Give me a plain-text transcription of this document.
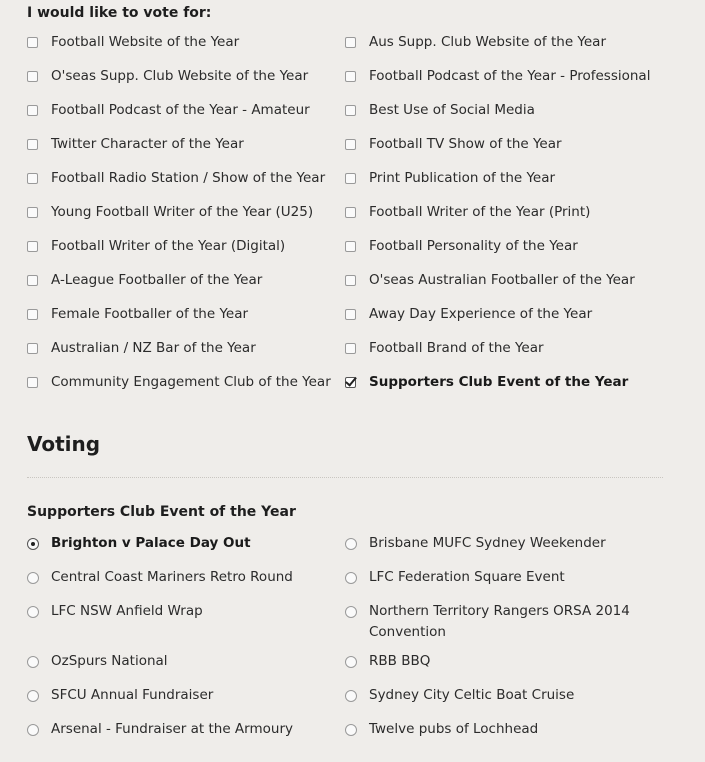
I would like to vote for:
Football Website of the Year
O'seas Supp. Club Website of the Year
Football Podcast of the Year - Amateur
Twitter Character of the Year
Football Radio Station / Show of the Year
Young Football Writer of the Year (U25)
Football Writer of the Year (Digital)
A-League Footballer of the Year
Female Footballer of the Year
Australian / NZ Bar of the Year
Community Engagement Club of the Year
Aus Supp. Club Website of the Year
Football Podcast of the Year - Professional
Best Use of Social Media
Football TV Show of the Year
Print Publication of the Year
Football Writer of the Year (Print)
Football Personality of the Year
O'seas Australian Footballer of the Year
Away Day Experience of the Year
Football Brand of the Year
Supporters Club Event of the Year
Voting
Supporters Club Event of the Year
Brighton v Palace Day Out
Central Coast Mariners Retro Round
LFC NSW Anfield Wrap
OzSpurs National
SFCU Annual Fundraiser
Arsenal - Fundraiser at the Armoury
Brisbane MUFC Sydney Weekender
LFC Federation Square Event
Northern Territory Rangers ORSA 2014 Convention
RBB BBQ
Sydney City Celtic Boat Cruise
Twelve pubs of Lochhead
